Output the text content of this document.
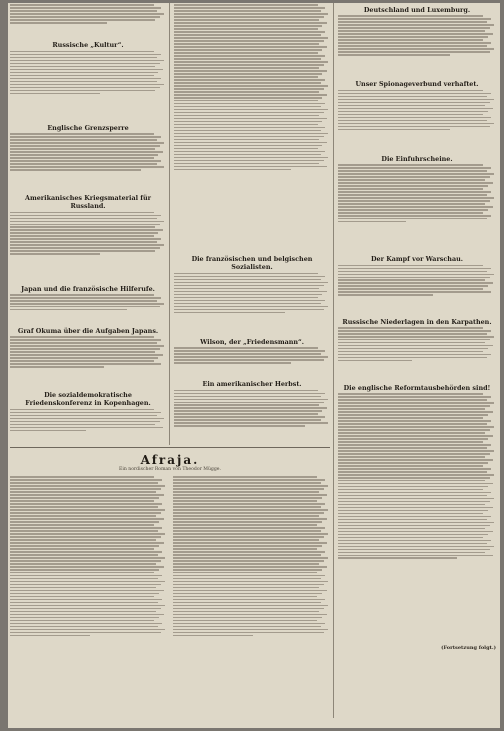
Russische „Kultur“.

Englische Grenzsperre

Amerikanisches Kriegsmaterial für Russland.

Japan und die französische Hilferufe.

Graf Okuma über die Aufgaben Japans.

Die sozialdemokratische Friedenskonferenz in Kopenhagen.

Die französischen und belgischen Sozialisten.

Wilson, der „Friedensmann“.

Ein amerikanischer Herbst.

Deutschland und Luxemburg.

Unser Spionageverbund verhaftet.

Die Einfuhrscheine.

Der Kampf vor Warschau.

Russische Niederlagen in den Karpathen.

Die englische Reformtausbehörden sind!

(Fortsetzung folgt.)
Afraja.
Ein nordischer Roman von Theodor Mügge.
